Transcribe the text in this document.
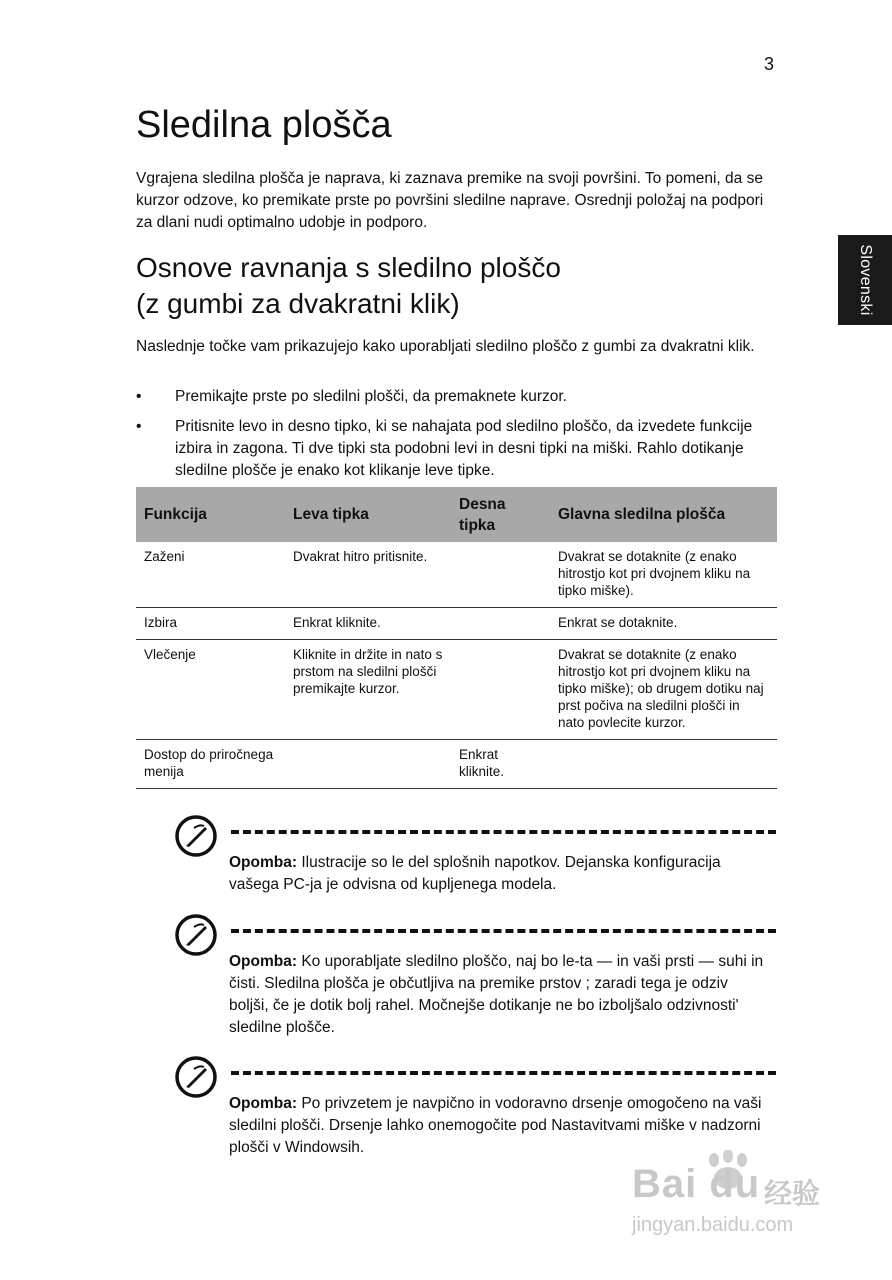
3
Slovenski
Sledilna plošča

Vgrajena sledilna plošča je naprava, ki zaznava premike na svoji površini. To pomeni, da se kurzor odzove, ko premikate prste po površini sledilne naprave. Osrednji položaj na podpori za dlani nudi optimalno udobje in podporo.

Osnove ravnanja s sledilno ploščo
(z gumbi za dvakratni klik)

Naslednje točke vam prikazujejo kako uporabljati sledilno ploščo z gumbi za dvakratni klik.

• Premikajte prste po sledilni plošči, da premaknete kurzor.
• Pritisnite levo in desno tipko, ki se nahajata pod sledilno ploščo, da izvedete funkcije izbira in zagona. Ti dve tipki sta podobni levi in desni tipki na miški. Rahlo dotikanje sledilne plošče je enako kot klikanje leve tipke.
Funkcija	Leva tipka	Desna tipka	Glavna sledilna plošča
Zaženi	Dvakrat hitro pritisnite.		Dvakrat se dotaknite (z enako hitrostjo kot pri dvojnem kliku na tipko miške).
Izbira	Enkrat kliknite.		Enkrat se dotaknite.
Vlečenje	Kliknite in držite in nato s prstom na sledilni plošči premikajte kurzor.		Dvakrat se dotaknite (z enako hitrostjo kot pri dvojnem kliku na tipko miške); ob drugem dotiku naj prst počiva na sledilni plošči in nato povlecite kurzor.
Dostop do priročnega menija		Enkrat kliknite.	

Opomba: Ilustracije so le del splošnih napotkov. Dejanska konfiguracija vašega PC-ja je odvisna od kupljenega modela.

Opomba: Ko uporabljate sledilno ploščo, naj bo le-ta — in vaši prsti — suhi in čisti. Sledilna plošča je občutljiva na premike prstov ; zaradi tega je odziv boljši, če je dotik bolj rahel. Močnejše dotikanje ne bo izboljšalo odzivnosti' sledilne plošče.

Opomba: Po privzetem je navpično in vodoravno drsenje omogočeno na vaši sledilni plošči. Drsenje lahko onemogočite pod Nastavitvami miške v nadzorni plošči v Windowsih.

Bai du 经验
jingyan.baidu.com
